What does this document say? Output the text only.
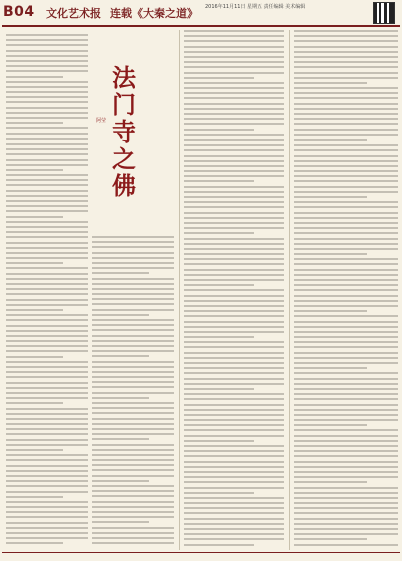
B04 文化艺术报 连载《大秦之道》 2016年11月11日 星期五 责任编辑 美术编辑
法
门
寺
之
佛
阿莹
